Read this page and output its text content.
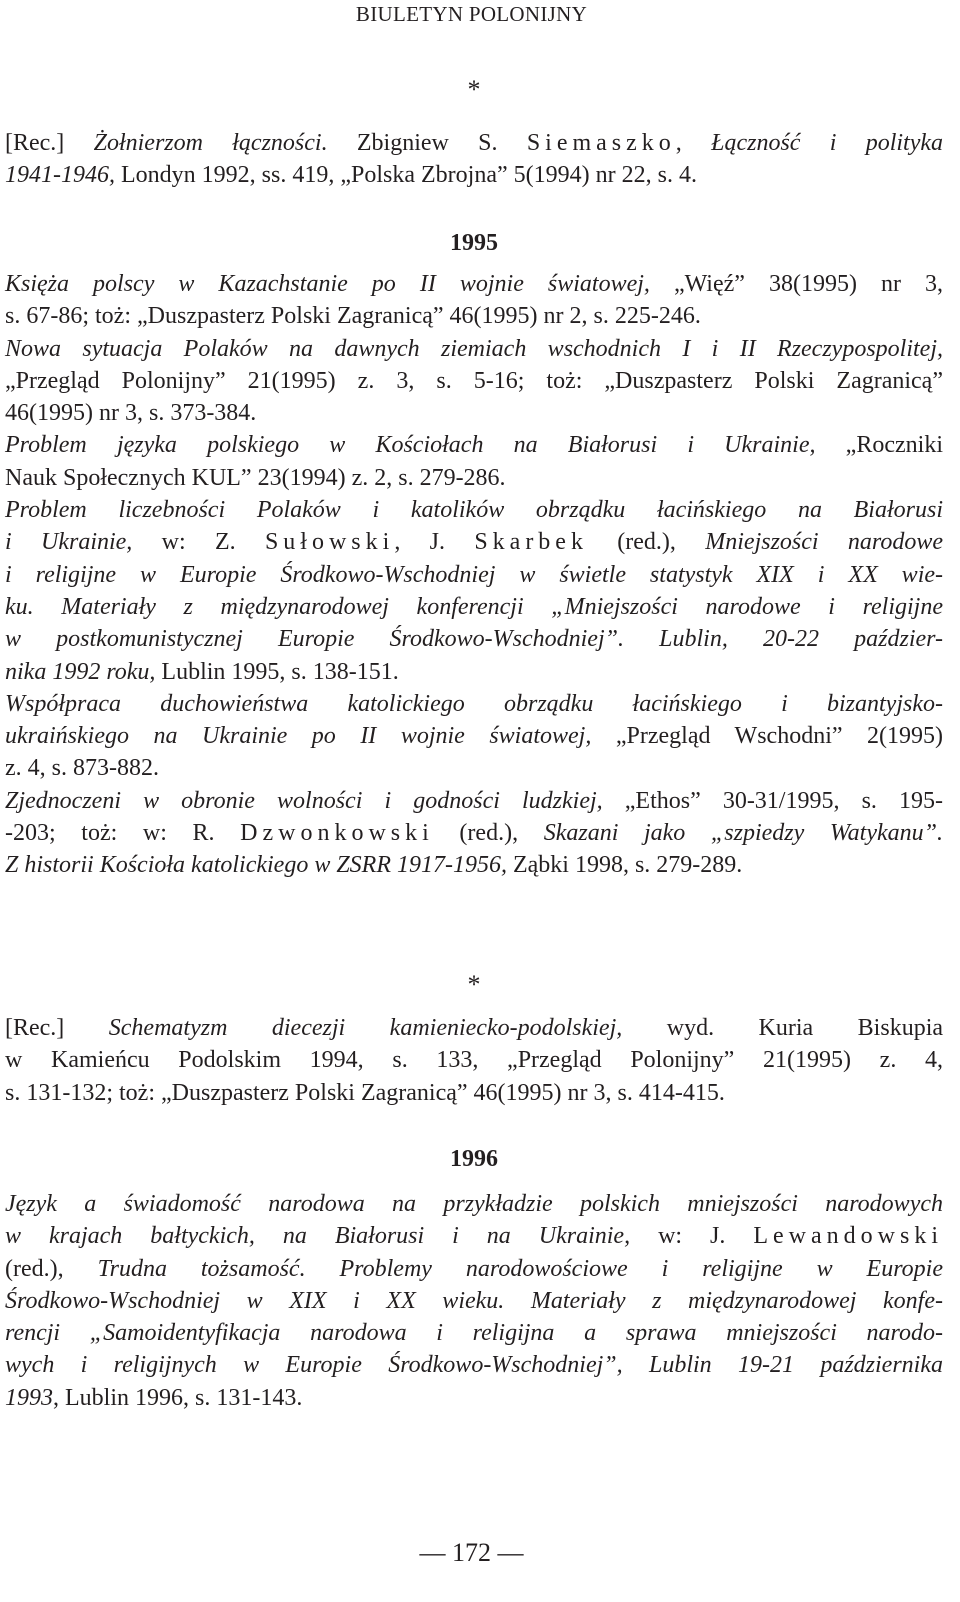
BIULETYN POLONIJNY
*

[Rec.] Żołnierzom łączności. Zbigniew S. Siemaszko, Łączność i polityka
1941-1946, Londyn 1992, ss. 419, „Polska Zbrojna” 5(1994) nr 22, s. 4.

1995

Księża polscy w Kazachstanie po II wojnie światowej, „Więź” 38(1995) nr 3,
s. 67-86; toż: „Duszpasterz Polski Zagranicą” 46(1995) nr 2, s. 225-246.

Nowa sytuacja Polaków na dawnych ziemiach wschodnich I i II Rzeczypospolitej,
„Przegląd Polonijny” 21(1995) z. 3, s. 5-16; toż: „Duszpasterz Polski Zagranicą”
46(1995) nr 3, s. 373-384.

Problem języka polskiego w Kościołach na Białorusi i Ukrainie, „Roczniki
Nauk Społecznych KUL” 23(1994) z. 2, s. 279-286.

Problem liczebności Polaków i katolików obrządku łacińskiego na Białorusi
i Ukrainie, w: Z. Sułowski, J. Skarbek (red.), Mniejszości narodowe
i religijne w Europie Środkowo-Wschodniej w świetle statystyk XIX i XX wie-
ku. Materiały z międzynarodowej konferencji „Mniejszości narodowe i religijne
w postkomunistycznej Europie Środkowo-Wschodniej”. Lublin, 20-22 paździer-
nika 1992 roku, Lublin 1995, s. 138-151.

Współpraca duchowieństwa katolickiego obrządku łacińskiego i bizantyjsko-
ukraińskiego na Ukrainie po II wojnie światowej, „Przegląd Wschodni” 2(1995)
z. 4, s. 873-882.

Zjednoczeni w obronie wolności i godności ludzkiej, „Ethos” 30-31/1995, s. 195-
-203; toż: w: R. Dzwonkowski (red.), Skazani jako „szpiedzy Watykanu”.
Z historii Kościoła katolickiego w ZSRR 1917-1956, Ząbki 1998, s. 279-289.

*

[Rec.] Schematyzm diecezji kamieniecko-podolskiej, wyd. Kuria Biskupia
w Kamieńcu Podolskim 1994, s. 133, „Przegląd Polonijny” 21(1995) z. 4,
s. 131-132; toż: „Duszpasterz Polski Zagranicą” 46(1995) nr 3, s. 414-415.

1996

Język a świadomość narodowa na przykładzie polskich mniejszości narodowych
w krajach bałtyckich, na Białorusi i na Ukrainie, w: J. Lewandowski
(red.), Trudna tożsamość. Problemy narodowościowe i religijne w Europie
Środkowo-Wschodniej w XIX i XX wieku. Materiały z międzynarodowej konfe-
rencji „Samoidentyfikacja narodowa i religijna a sprawa mniejszości narodo-
wych i religijnych w Europie Środkowo-Wschodniej”, Lublin 19-21 października
1993, Lublin 1996, s. 131-143.

— 172 —
